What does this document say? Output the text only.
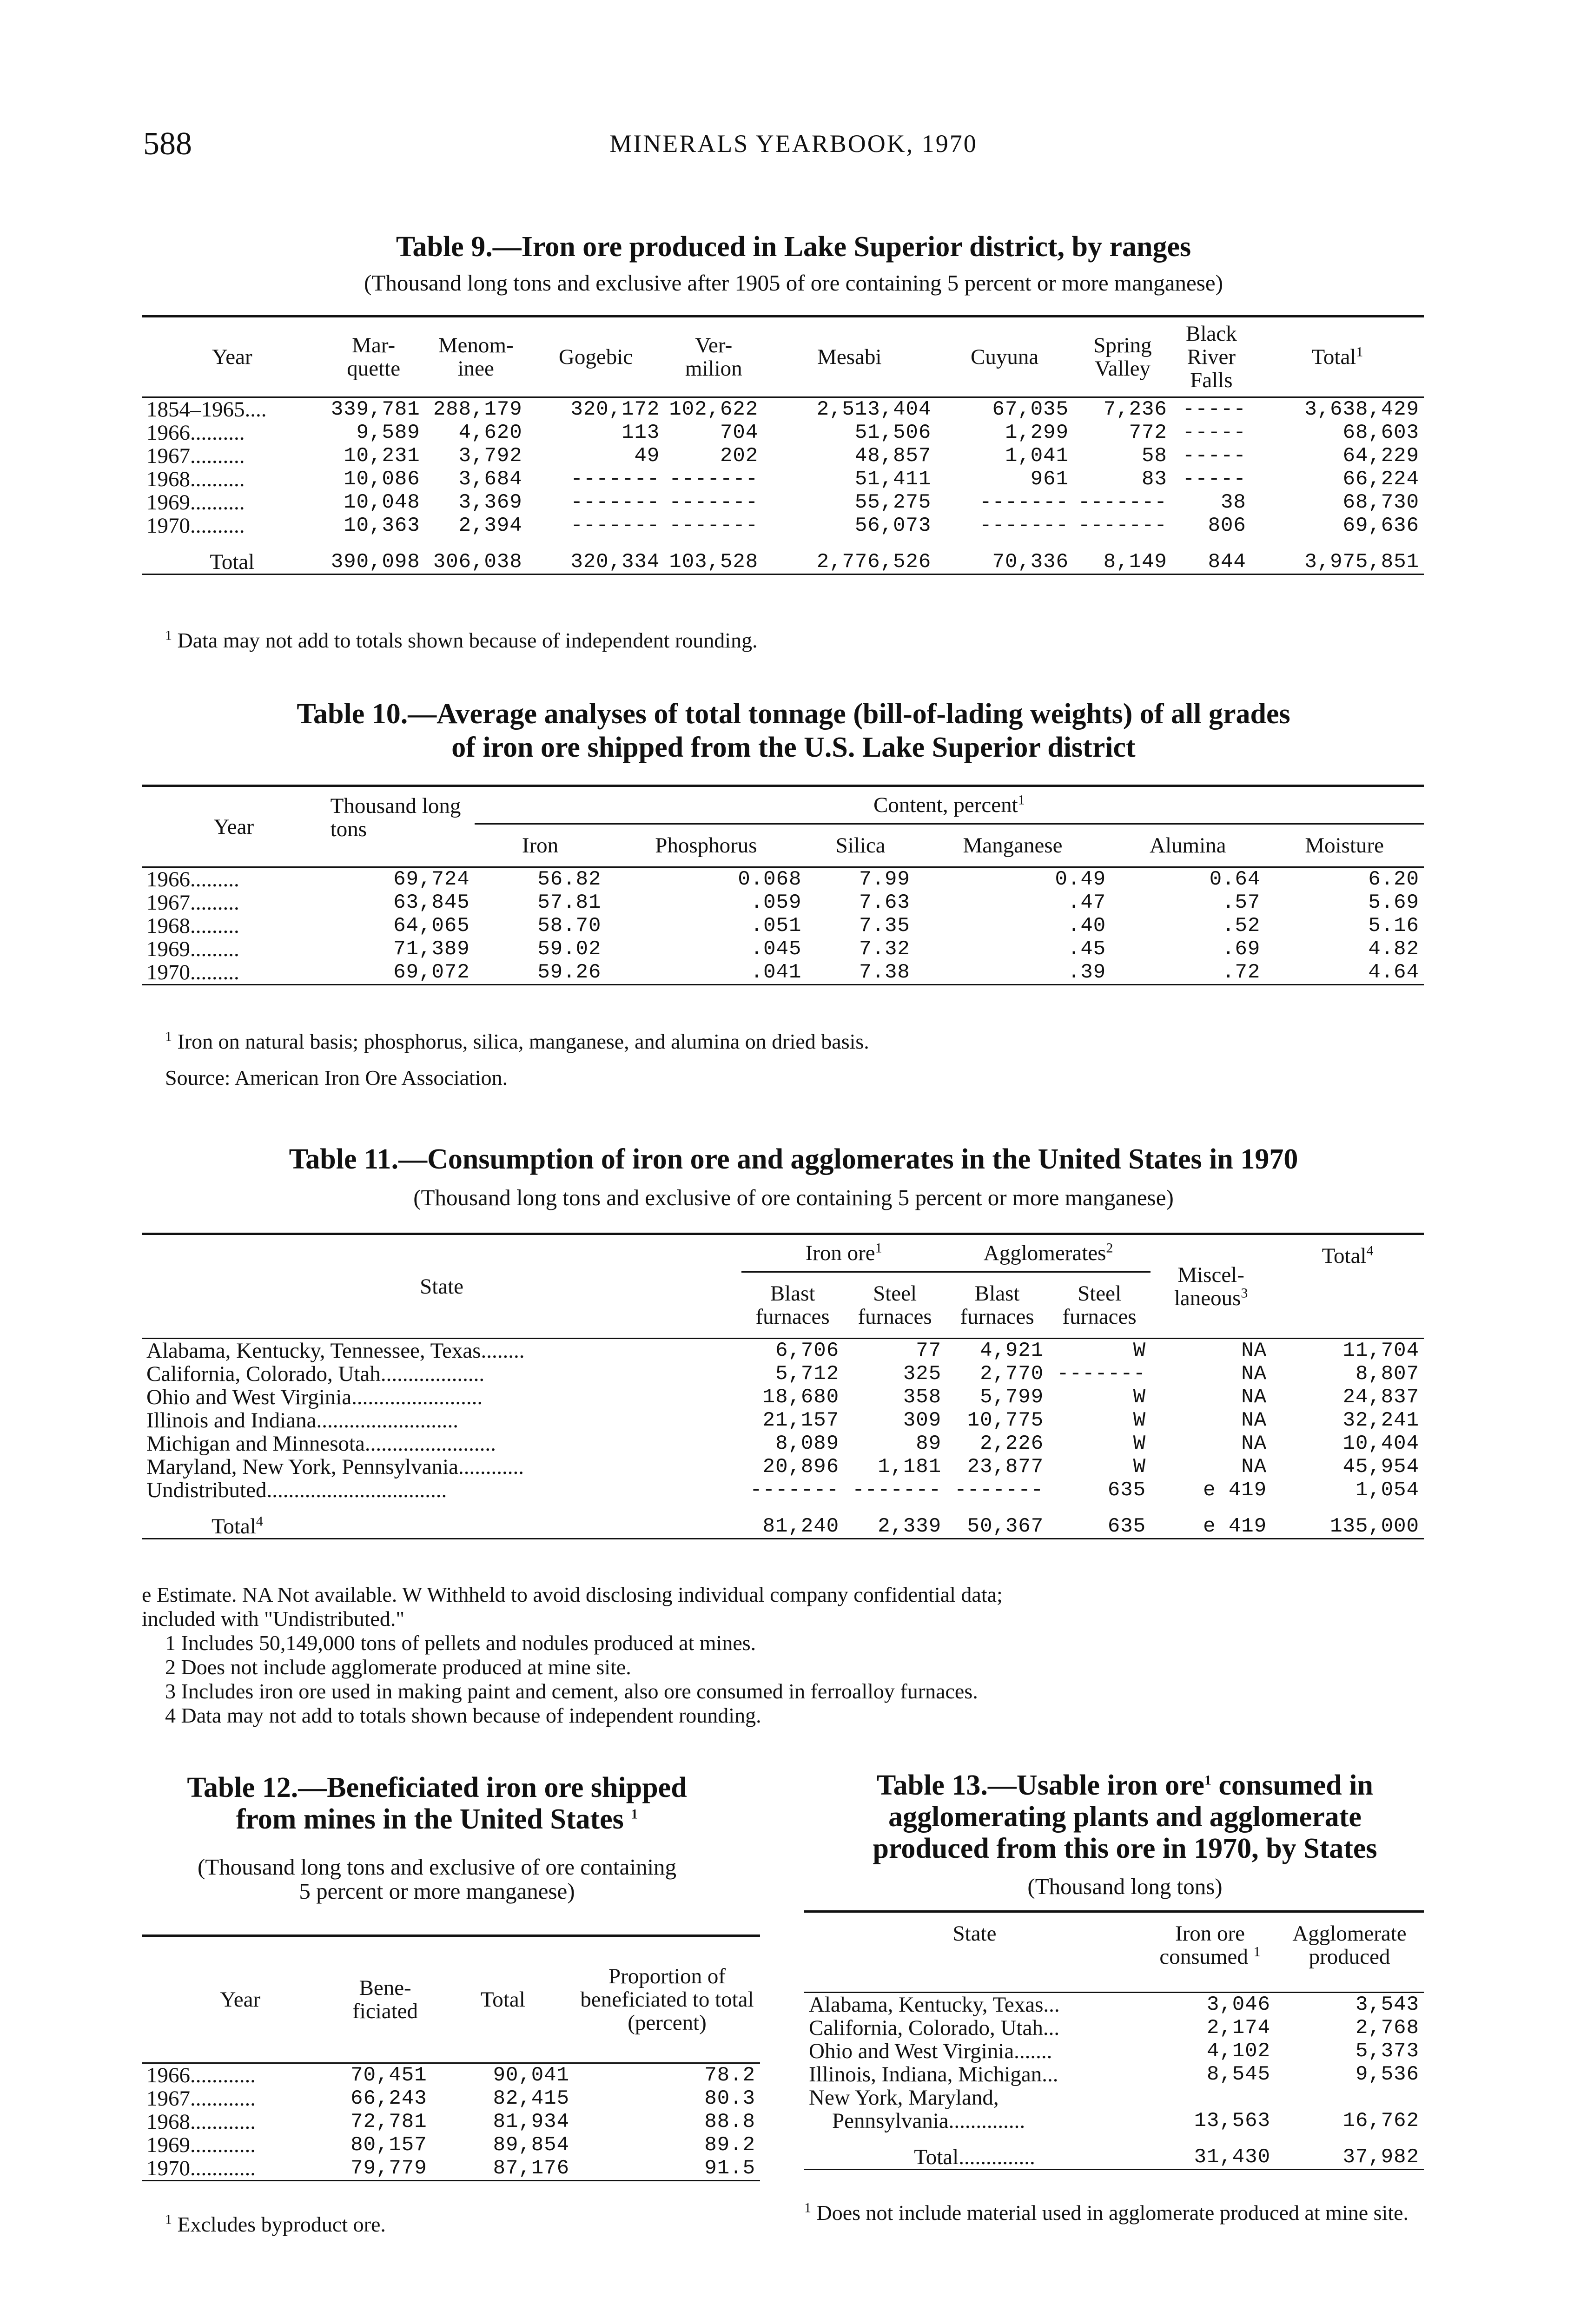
588	MINERALS YEARBOOK, 1970
Table 9.—Iron ore produced in Lake Superior district, by ranges
(Thousand long tons and exclusive after 1905 of ore containing 5 percent or more manganese)
Year	Mar-quette	Menom-inee	Gogebic	Ver-milion	Mesabi	Cuyuna	Spring Valley	Black River Falls	Total$^1$
1854–1965....	339,781	288,179	320,172	102,622	2,513,404	67,035	7,236	-----	3,638,429
1966..........	9,589	4,620	113	704	51,506	1,299	772	-----	68,603
1967..........	10,231	3,792	49	202	48,857	1,041	58	-----	64,229
1968..........	10,086	3,684	-------	-------	51,411	961	83	-----	66,224
1969..........	10,048	3,369	-------	-------	55,275	-------	-------	38	68,730
1970..........	10,363	2,394	-------	-------	56,073	-------	-------	806	69,636

Total	390,098	306,038	320,334	103,528	2,776,526	70,336	8,149	844	3,975,851
$^1$ Data may not add to totals shown because of independent rounding.
Table 10.—Average analyses of total tonnage (bill-of-lading weights) of all grades
of iron ore shipped from the U.S. Lake Superior district
Year	Thousand long tons	Content, percent$^1$
		Iron	Phosphorus	Silica	Manganese	Alumina	Moisture
1966.........	69,724	56.82	0.068	7.99	0.49	0.64	6.20
1967.........	63,845	57.81	.059	7.63	.47	.57	5.69
1968.........	64,065	58.70	.051	7.35	.40	.52	5.16
1969.........	71,389	59.02	.045	7.32	.45	.69	4.82
1970.........	69,072	59.26	.041	7.38	.39	.72	4.64
$^1$ Iron on natural basis; phosphorus, silica, manganese, and alumina on dried basis.
Source: American Iron Ore Association.
Table 11.—Consumption of iron ore and agglomerates in the United States in 1970
(Thousand long tons and exclusive of ore containing 5 percent or more manganese)
State	Iron ore$^1$		Agglomerates$^2$		Miscel-laneous$^3$	Total$^4$
	Blast furnaces	Steel furnaces	Blast furnaces	Steel furnaces		
Alabama, Kentucky, Tennessee, Texas........	6,706	77	4,921	W	NA	11,704
California, Colorado, Utah...................	5,712	325	2,770	-------	NA	8,807
Ohio and West Virginia........................	18,680	358	5,799	W	NA	24,837
Illinois and Indiana..........................	21,157	309	10,775	W	NA	32,241
Michigan and Minnesota........................	8,089	89	2,226	W	NA	10,404
Maryland, New York, Pennsylvania............	20,896	1,181	23,877	W	NA	45,954
Undistributed.................................	-------	-------	-------	635	e 419	1,054

Total$^4$	81,240	2,339	50,367	635	e 419	135,000
e Estimate. NA Not available. W Withheld to avoid disclosing individual company confidential data;
included with "Undistributed."
1 Includes 50,149,000 tons of pellets and nodules produced at mines.
2 Does not include agglomerate produced at mine site.
3 Includes iron ore used in making paint and cement, also ore consumed in ferroalloy furnaces.
4 Data may not add to totals shown because of independent rounding.
Table 12.—Beneficiated iron ore shipped
from mines in the United States $^1$
(Thousand long tons and exclusive of ore containing
5 percent or more manganese)
Year	Bene-ficiated	Total	Proportion of beneficiated to total (percent)
1966............	70,451	90,041	78.2
1967............	66,243	82,415	80.3
1968............	72,781	81,934	88.8
1969............	80,157	89,854	89.2
1970............	79,779	87,176	91.5
$^1$ Excludes byproduct ore.
Table 13.—Usable iron ore$^1$ consumed in
agglomerating plants and agglomerate
produced from this ore in 1970, by States
(Thousand long tons)
State	Iron ore consumed $^1$	Agglomerate produced
Alabama, Kentucky, Texas...	3,046	3,543
California, Colorado, Utah...	2,174	2,768
Ohio and West Virginia.......	4,102	5,373
Illinois, Indiana, Michigan...	8,545	9,536
New York, Maryland,		
Pennsylvania..............	13,563	16,762

Total..............	31,430	37,982
$^1$ Does not include material used in agglomerate produced at mine site.
